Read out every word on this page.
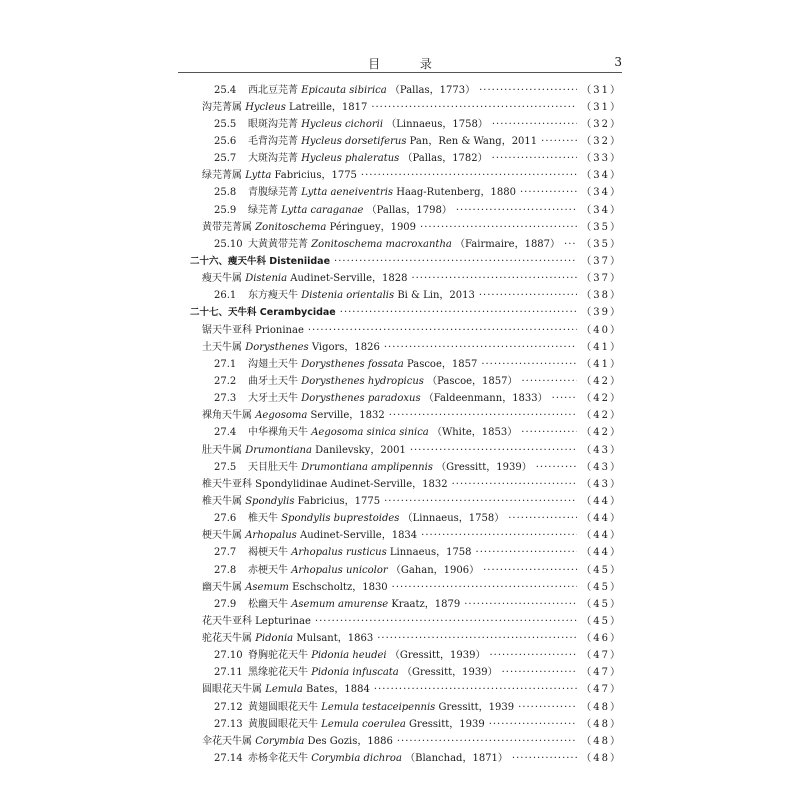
目 录	3
25.4 西北豆芫菁 Epicauta sibirica （Pallas，1773） ·····	（31）
沟芫菁属 Hycleus Latreille，1817 ·····	（31）
25.5 眼斑沟芫菁 Hycleus cichorii （Linnaeus，1758） ·····	（32）
25.6 毛背沟芫菁 Hycleus dorsetiferus Pan，Ren & Wang，2011 ·····	（32）
25.7 大斑沟芫菁 Hycleus phaleratus （Pallas，1782） ·····	（33）
绿芫菁属 Lytta Fabricius，1775 ·····	（34）
25.8 青腹绿芫菁 Lytta aeneiventris Haag-Rutenberg，1880 ·····	（34）
25.9 绿芫菁 Lytta caraganae （Pallas，1798） ·····	（34）
黄带芫菁属 Zonitoschema Péringuey，1909 ·····	（35）
25.10 大黄黄带芫菁 Zonitoschema macroxantha （Fairmaire，1887） ····· （35）
二十六、瘦天牛科 Disteniidae ·····	（37）
瘦天牛属 Distenia Audinet-Serville，1828 ·····	（37）
26.1 东方瘦天牛 Distenia orientalis Bi & Lin，2013 ·····	（38）
二十七、天牛科 Cerambycidae ·····	（39）
锯天牛亚科 Prioninae ·····	（40）
土天牛属 Dorysthenes Vigors，1826 ·····	（41）
27.1 沟翅土天牛 Dorysthenes fossata Pascoe，1857 ·····	（41）
27.2 曲牙土天牛 Dorysthenes hydropicus （Pascoe，1857） ·····	（42）
27.3 大牙土天牛 Dorysthenes paradoxus （Faldeenmann，1833） ·····	（42）
裸角天牛属 Aegosoma Serville，1832 ·····	（42）
27.4 中华裸角天牛 Aegosoma sinica sinica （White，1853） ·····	（42）
肚天牛属 Drumontiana Danilevsky，2001 ·····	（43）
27.5 天目肚天牛 Drumontiana amplipennis （Gressitt，1939） ·····	（43）
椎天牛亚科 Spondylidinae Audinet-Serville，1832 ·····	（43）
椎天牛属 Spondylis Fabricius，1775 ·····	（44）
27.6 椎天牛 Spondylis buprestoides （Linnaeus，1758） ·····	（44）
梗天牛属 Arhopalus Audinet-Serville，1834 ·····	（44）
27.7 褐梗天牛 Arhopalus rusticus Linnaeus，1758 ·····	（44）
27.8 赤梗天牛 Arhopalus unicolor （Gahan，1906） ·····	（45）
幽天牛属 Asemum Eschscholtz，1830 ·····	（45）
27.9 松幽天牛 Asemum amurense Kraatz，1879 ·····	（45）
花天牛亚科 Lepturinae ·····	（45）
驼花天牛属 Pidonia Mulsant，1863 ·····	（46）
27.10 脊胸驼花天牛 Pidonia heudei （Gressitt，1939） ·····	（47）
27.11 黑缘驼花天牛 Pidonia infuscata （Gressitt，1939） ·····	（47）
圆眼花天牛属 Lemula Bates，1884 ·····	（47）
27.12 黄翅圆眼花天牛 Lemula testaceipennis Gressitt，1939 ·····	（48）
27.13 黄腹圆眼花天牛 Lemula coerulea Gressitt，1939 ·····	（48）
伞花天牛属 Corymbia Des Gozis，1886 ·····	（48）
27.14 赤杨伞花天牛 Corymbia dichroa （Blanchad，1871） ·····	（48）
